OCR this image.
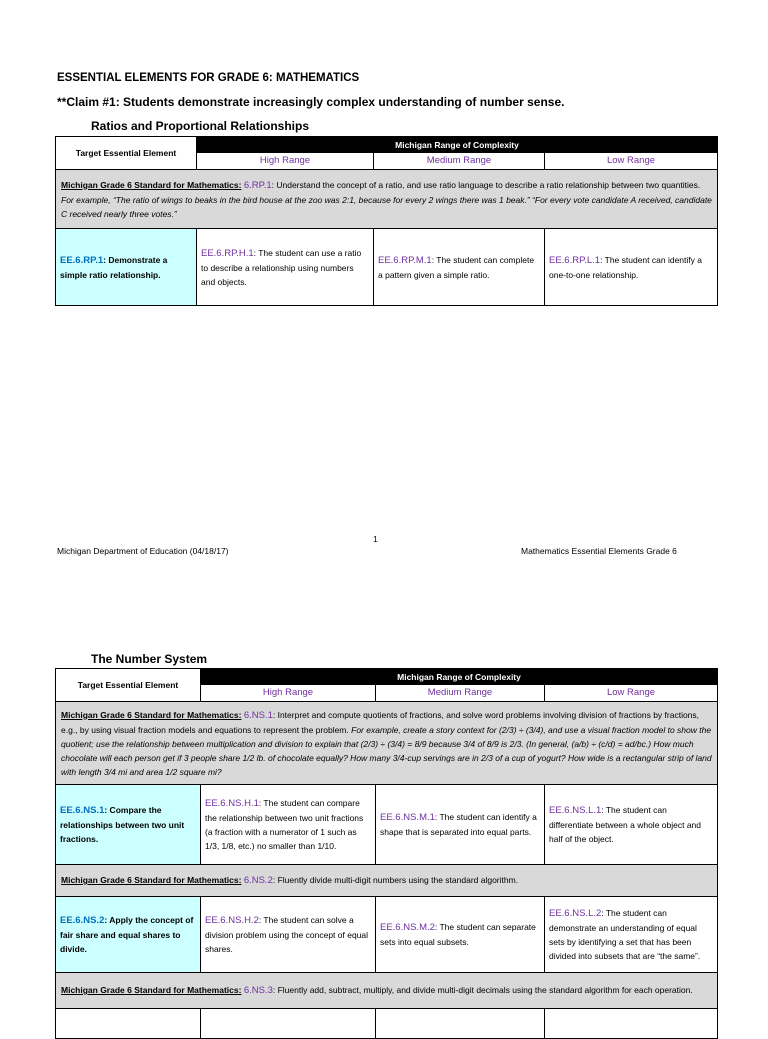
ESSENTIAL ELEMENTS FOR GRADE 6: MATHEMATICS
**Claim #1: Students demonstrate increasingly complex understanding of number sense.
Ratios and Proportional Relationships
Target Essential Element	Michigan Range of Complexity		
	High Range	Medium Range	Low Range
Michigan Grade 6 Standard for Mathematics: 6.RP.1: Understand the concept of a ratio, and use ratio language to describe a ratio relationship between two quantities. For example, “The ratio of wings to beaks in the bird house at the zoo was 2:1, because for every 2 wings there was 1 beak.” “For every vote candidate A received, candidate C received nearly three votes.”			
EE.6.RP.1: Demonstrate a simple ratio relationship.	EE.6.RP.H.1: The student can use a ratio to describe a relationship using numbers and objects.	EE.6.RP.M.1: The student can complete a pattern given a simple ratio.	EE.6.RP.L.1: The student can identify a one-to-one relationship.
1
Michigan Department of Education (04/18/17)	Mathematics Essential Elements Grade 6
The Number System
Target Essential Element	Michigan Range of Complexity		
	High Range	Medium Range	Low Range
Michigan Grade 6 Standard for Mathematics: 6.NS.1: Interpret and compute quotients of fractions, and solve word problems involving division of fractions by fractions, e.g., by using visual fraction models and equations to represent the problem. For example, create a story context for (2/3) ÷ (3/4), and use a visual fraction model to show the quotient; use the relationship between multiplication and division to explain that (2/3) ÷ (3/4) = 8/9 because 3/4 of 8/9 is 2/3. (In general, (a/b) ÷ (c/d) = ad/bc.) How much chocolate will each person get if 3 people share 1/2 lb. of chocolate equally? How many 3/4-cup servings are in 2/3 of a cup of yogurt? How wide is a rectangular strip of land with length 3/4 mi and area 1/2 square mi?			
EE.6.NS.1: Compare the relationships between two unit fractions.	EE.6.NS.H.1: The student can compare the relationship between two unit fractions (a fraction with a numerator of 1 such as 1/3, 1/8, etc.) no smaller than 1/10.	EE.6.NS.M.1: The student can identify a shape that is separated into equal parts.	EE.6.NS.L.1: The student can differentiate between a whole object and half of the object.
Michigan Grade 6 Standard for Mathematics: 6.NS.2: Fluently divide multi-digit numbers using the standard algorithm.			
EE.6.NS.2: Apply the concept of fair share and equal shares to divide.	EE.6.NS.H.2: The student can solve a division problem using the concept of equal shares.	EE.6.NS.M.2: The student can separate sets into equal subsets.	EE.6.NS.L.2: The student can demonstrate an understanding of equal sets by identifying a set that has been divided into subsets that are “the same”.
Michigan Grade 6 Standard for Mathematics: 6.NS.3: Fluently add, subtract, multiply, and divide multi-digit decimals using the standard algorithm for each operation.			
